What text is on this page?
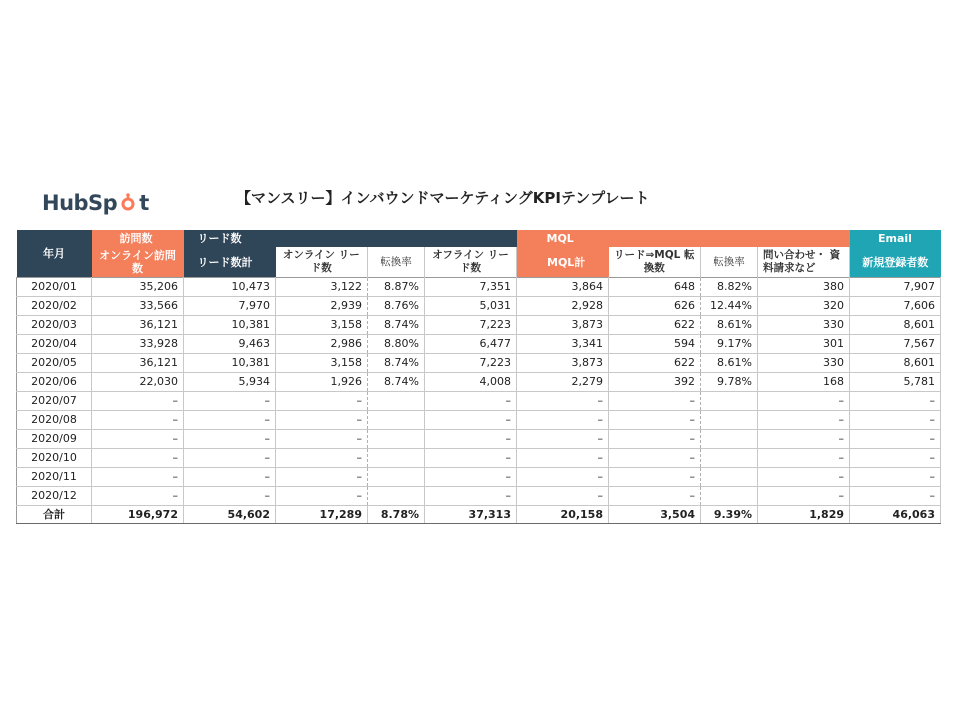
HubSp t	【マンスリー】インバウンドマーケティングKPIテンプレート
年月	訪問数	リード数				MQL				Email
	オンライン訪問数	リード数計	オンライン リード数	転換率	オフライン リード数	MQL計	リード⇒MQL 転換数	転換率	問い合わせ・ 資料請求など	新規登録者数
2020/01	35,206	10,473	3,122	8.87%	7,351	3,864	648	8.82%	380	7,907
2020/02	33,566	7,970	2,939	8.76%	5,031	2,928	626	12.44%	320	7,606
2020/03	36,121	10,381	3,158	8.74%	7,223	3,873	622	8.61%	330	8,601
2020/04	33,928	9,463	2,986	8.80%	6,477	3,341	594	9.17%	301	7,567
2020/05	36,121	10,381	3,158	8.74%	7,223	3,873	622	8.61%	330	8,601
2020/06	22,030	5,934	1,926	8.74%	4,008	2,279	392	9.78%	168	5,781
2020/07	–	–	–		–	–	–		–	–
2020/08	–	–	–		–	–	–		–	–
2020/09	–	–	–		–	–	–		–	–
2020/10	–	–	–		–	–	–		–	–
2020/11	–	–	–		–	–	–		–	–
2020/12	–	–	–		–	–	–		–	–
合計	196,972	54,602	17,289	8.78%	37,313	20,158	3,504	9.39%	1,829	46,063
